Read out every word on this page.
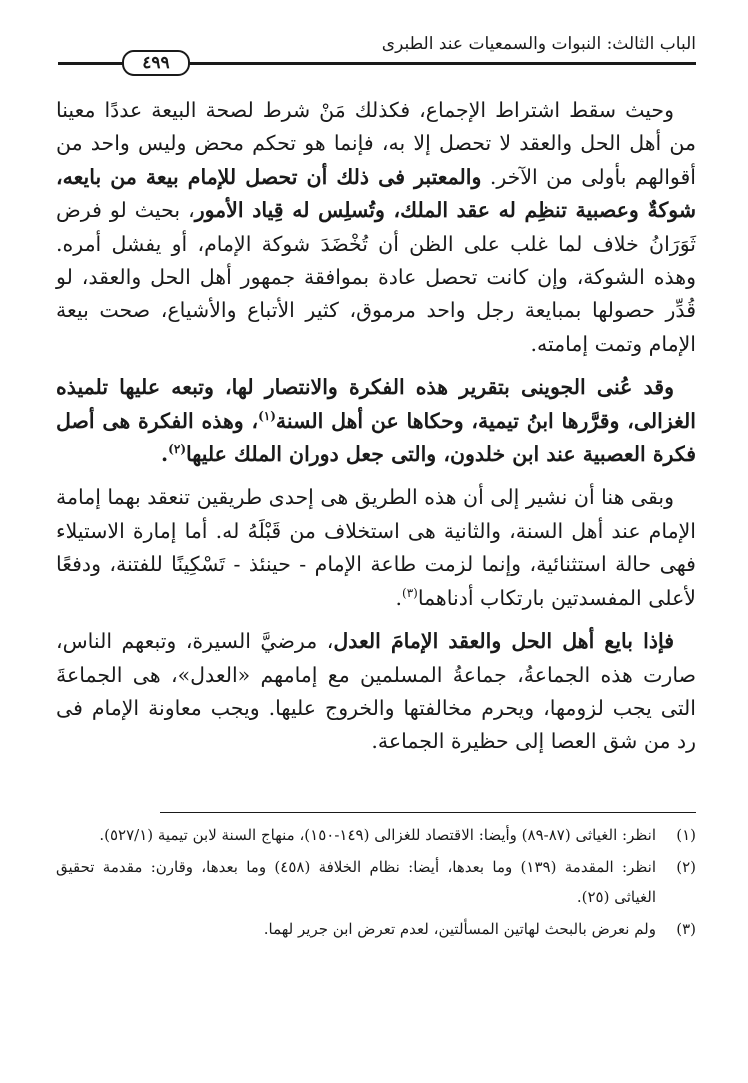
الباب الثالث: النبوات والسمعيات عند الطبرى
٤٩٩

وحيث سقط اشتراط الإجماع، فكذلك مَنْ شرط لصحة البيعة عددًا معينا من أهل الحل والعقد لا تحصل إلا به، فإنما هو تحكم محض وليس واحد من أقوالهم بأولى من الآخر. والمعتبر فى ذلك أن تحصل للإمام بيعة من بايعه، شوكةٌ وعصبية تنظِم له عقد الملك، وتُسلِس له قِياد الأمور، بحيث لو فرض ثَوَرَانُ خلاف لما غلب على الظن أن تُخْضَدَ شوكة الإمام، أو يفشل أمره. وهذه الشوكة، وإن كانت تحصل عادة بموافقة جمهور أهل الحل والعقد، لو قُدِّر حصولها بمبايعة رجل واحد مرموق، كثير الأتباع والأشياع، صحت بيعة الإمام وتمت إمامته.

وقد عُنى الجوينى بتقرير هذه الفكرة والانتصار لها، وتبعه عليها تلميذه الغزالى، وقرَّرها ابنُ تيمية، وحكاها عن أهل السنة$^{(١)}$، وهذه الفكرة هى أصل فكرة العصبية عند ابن خلدون، والتى جعل دوران الملك عليها$^{(٢)}$.

وبقى هنا أن نشير إلى أن هذه الطريق هى إحدى طريقين تنعقد بهما إمامة الإمام عند أهل السنة، والثانية هى استخلاف من قَبْلَهُ له. أما إمارة الاستيلاء فهى حالة استثنائية، وإنما لزمت طاعة الإمام - حينئذ - تَسْكِينًا للفتنة، ودفعًا لأعلى المفسدتين بارتكاب أدناهما$^{(٣)}$.

فإذا بايع أهل الحل والعقد الإمامَ العدل، مرضيَّ السيرة، وتبعهم الناس، صارت هذه الجماعةُ، جماعةُ المسلمين مع إمامهم «العدل»، هى الجماعةَ التى يجب لزومها، ويحرم مخالفتها والخروج عليها. ويجب معاونة الإمام فى رد من شق العصا إلى حظيرة الجماعة.

(١)
انظر: الغياثى (٨٧-٨٩) وأيضا: الاقتصاد للغزالى (١٤٩-١٥٠)، منهاج السنة لابن تيمية (٥٢٧/١).
(٢)
انظر: المقدمة (١٣٩) وما بعدها، أيضا: نظام الخلافة (٤٥٨) وما بعدها، وقارن: مقدمة تحقيق الغياثى (٢٥).
(٣)
ولم نعرض بالبحث لهاتين المسألتين، لعدم تعرض ابن جرير لهما.
